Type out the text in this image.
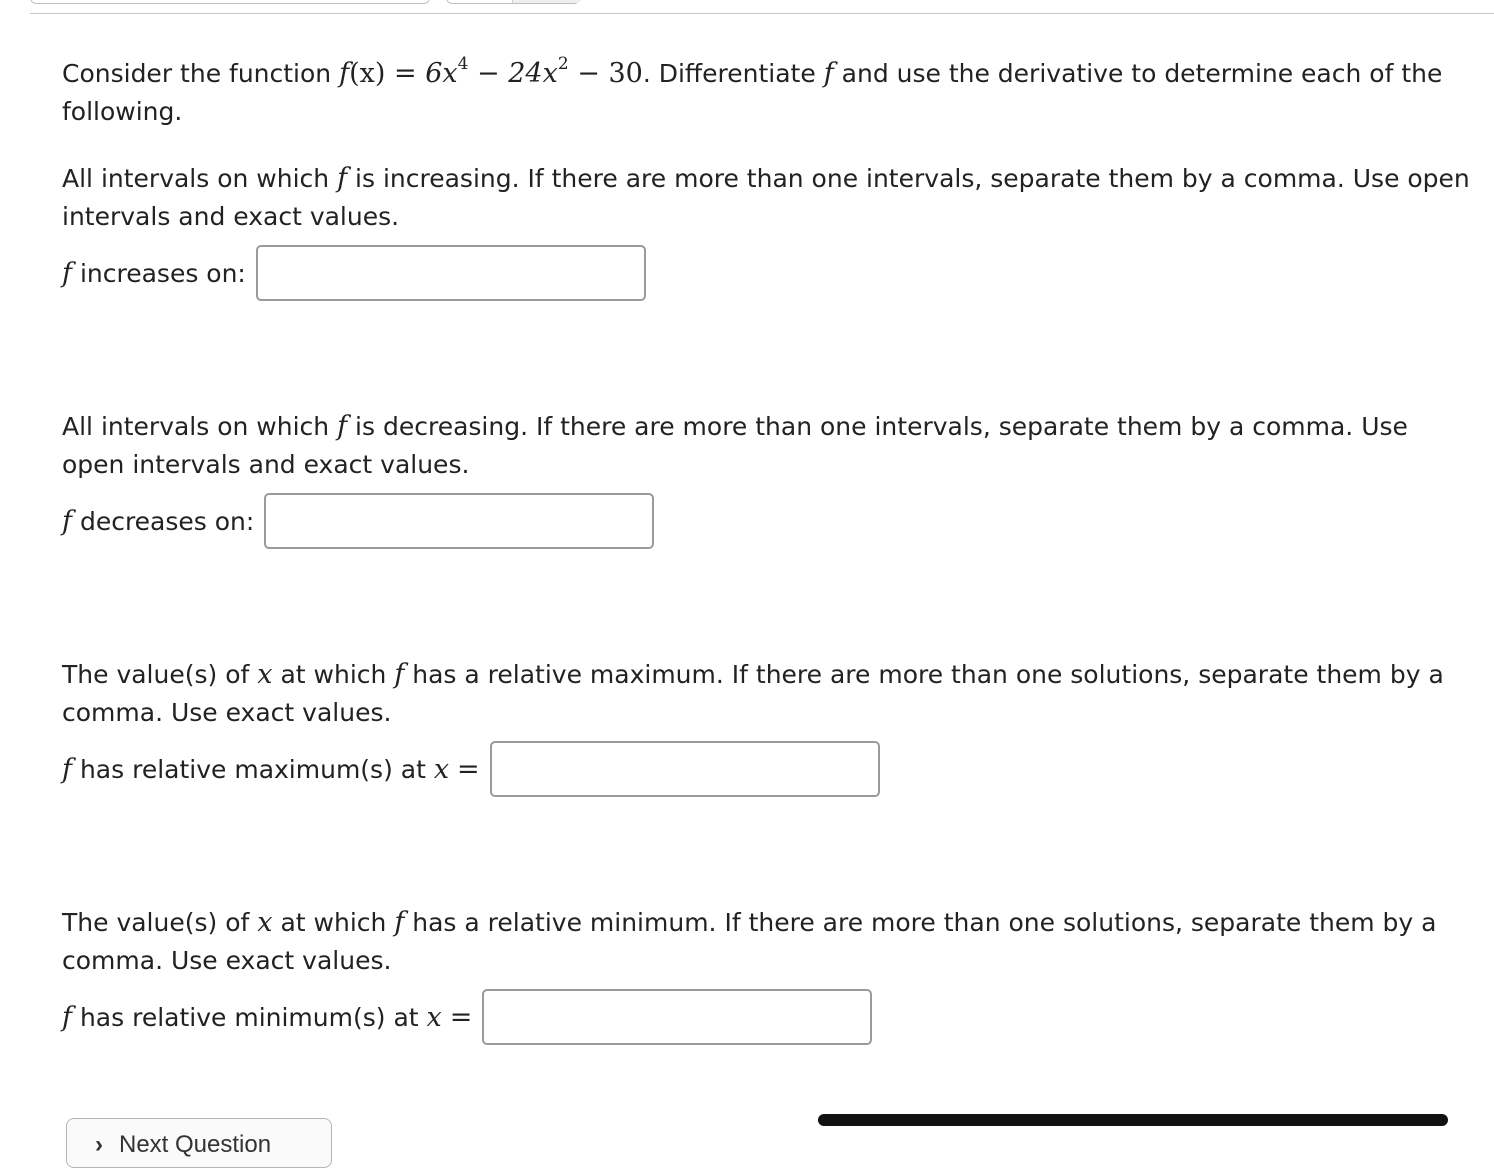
Consider the function $f(x) = 6x^4 - 24x^2 - 30$. Differentiate f and use the derivative to determine each of the following.

All intervals on which f is increasing. If there are more than one intervals, separate them by a comma. Use open intervals and exact values.

f increases on:

All intervals on which f is decreasing. If there are more than one intervals, separate them by a comma. Use open intervals and exact values.

f decreases on:

The value(s) of x at which f has a relative maximum. If there are more than one solutions, separate them by a comma. Use exact values.

f has relative maximum(s) at x =

The value(s) of x at which f has a relative minimum. If there are more than one solutions, separate them by a comma. Use exact values.

f has relative minimum(s) at x =
› Next Question
